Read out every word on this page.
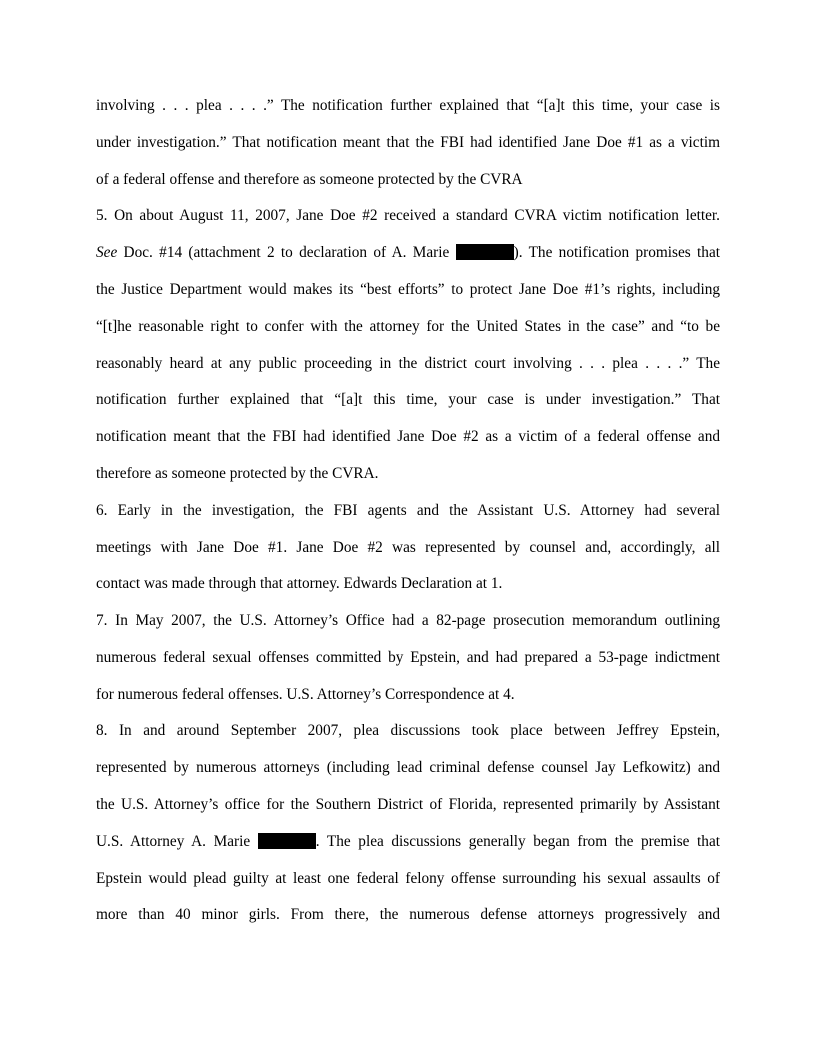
involving . . . plea . . . .” The notification further explained that “[a]t this time, your case is
under investigation.” That notification meant that the FBI had identified Jane Doe #1 as a victim
of a federal offense and therefore as someone protected by the CVRA
5. On about August 11, 2007, Jane Doe #2 received a standard CVRA victim notification letter.
See Doc. #14 (attachment 2 to declaration of A. Marie	). The notification promises that
the Justice Department would makes its “best efforts” to protect Jane Doe #1’s rights, including
“[t]he reasonable right to confer with the attorney for the United States in the case” and “to be
reasonably heard at any public proceeding in the district court involving . . . plea . . . .” The
notification further explained that “[a]t this time, your case is under investigation.” That
notification meant that the FBI had identified Jane Doe #2 as a victim of a federal offense and
therefore as someone protected by the CVRA.
6. Early in the investigation, the FBI agents and the Assistant U.S. Attorney had several
meetings with Jane Doe #1. Jane Doe #2 was represented by counsel and, accordingly, all
contact was made through that attorney. Edwards Declaration at 1.
7. In May 2007, the U.S. Attorney’s Office had a 82-page prosecution memorandum outlining
numerous federal sexual offenses committed by Epstein, and had prepared a 53-page indictment
for numerous federal offenses. U.S. Attorney’s Correspondence at 4.
8. In and around September 2007, plea discussions took place between Jeffrey Epstein,
represented by numerous attorneys (including lead criminal defense counsel Jay Lefkowitz) and
the U.S. Attorney’s office for the Southern District of Florida, represented primarily by Assistant
U.S. Attorney A. Marie	. The plea discussions generally began from the premise that
Epstein would plead guilty at least one federal felony offense surrounding his sexual assaults of
more than 40 minor girls. From there, the numerous defense attorneys progressively and
